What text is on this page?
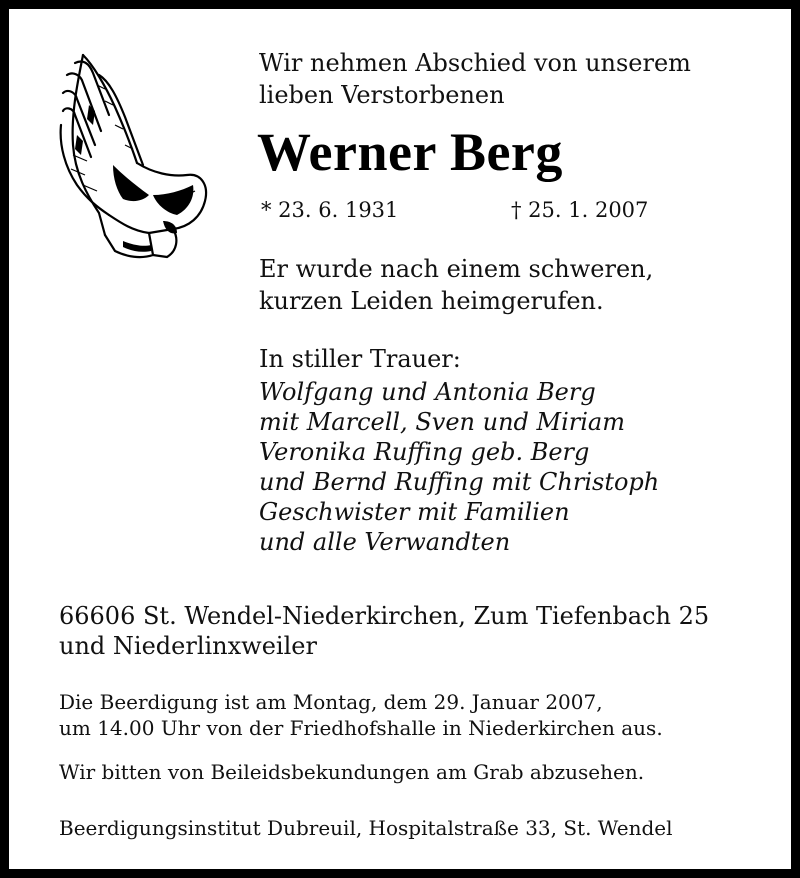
Wir nehmen Abschied von unserem
lieben Verstorbenen
Werner Berg
* 23. 6. 1931	† 25. 1. 2007
Er wurde nach einem schweren,
kurzen Leiden heimgerufen.
In stiller Trauer:
Wolfgang und Antonia Berg
mit Marcell, Sven und Miriam
Veronika Ruffing geb. Berg
und Bernd Ruffing mit Christoph
Geschwister mit Familien
und alle Verwandten
66606 St. Wendel-Niederkirchen, Zum Tiefenbach 25
und Niederlinxweiler
Die Beerdigung ist am Montag, dem 29. Januar 2007,
um 14.00 Uhr von der Friedhofshalle in Niederkirchen aus.
Wir bitten von Beileidsbekundungen am Grab abzusehen.
Beerdigungsinstitut Dubreuil, Hospitalstraße 33, St. Wendel
